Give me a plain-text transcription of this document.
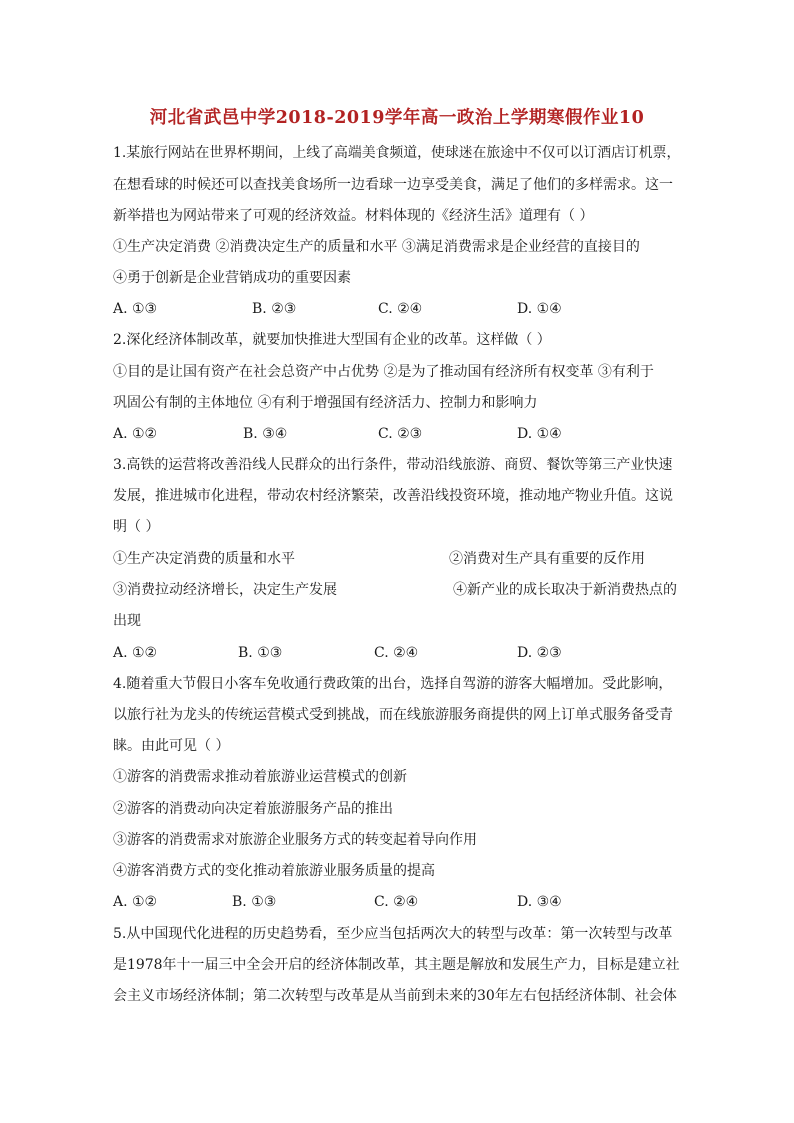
河北省武邑中学2018-2019学年高一政治上学期寒假作业10
1.某旅行网站在世界杯期间，上线了高端美食频道，使球迷在旅途中不仅可以订酒店订机票，
在想看球的时候还可以查找美食场所一边看球一边享受美食，满足了他们的多样需求。这一
新举措也为网站带来了可观的经济效益。材料体现的《经济生活》道理有（ ）
①生产决定消费 ②消费决定生产的质量和水平 ③满足消费需求是企业经营的直接目的
④勇于创新是企业营销成功的重要因素
A. ①③	B. ②③	C. ②④	D. ①④
2.深化经济体制改革，就要加快推进大型国有企业的改革。这样做（ ）
①目的是让国有资产在社会总资产中占优势 ②是为了推动国有经济所有权变革 ③有利于
巩固公有制的主体地位 ④有利于增强国有经济活力、控制力和影响力
A. ①②	B. ③④	C. ②③	D. ①④
3.高铁的运营将改善沿线人民群众的出行条件，带动沿线旅游、商贸、餐饮等第三产业快速
发展，推进城市化进程，带动农村经济繁荣，改善沿线投资环境，推动地产物业升值。这说
明（ ）
①生产决定消费的质量和水平	②消费对生产具有重要的反作用
③消费拉动经济增长，决定生产发展	④新产业的成长取决于新消费热点的
出现
A. ①②	B. ①③	C. ②④	D. ②③
4.随着重大节假日小客车免收通行费政策的出台，选择自驾游的游客大幅增加。受此影响，
以旅行社为龙头的传统运营模式受到挑战，而在线旅游服务商提供的网上订单式服务备受青
睐。由此可见（ ）
①游客的消费需求推动着旅游业运营模式的创新
②游客的消费动向决定着旅游服务产品的推出
③游客的消费需求对旅游企业服务方式的转变起着导向作用
④游客消费方式的变化推动着旅游业服务质量的提高
A. ①②	B. ①③	C. ②④	D. ③④
5.从中国现代化进程的历史趋势看，至少应当包括两次大的转型与改革：第一次转型与改革
是1978年十一届三中全会开启的经济体制改革，其主题是解放和发展生产力，目标是建立社
会主义市场经济体制；第二次转型与改革是从当前到未来的30年左右包括经济体制、社会体
